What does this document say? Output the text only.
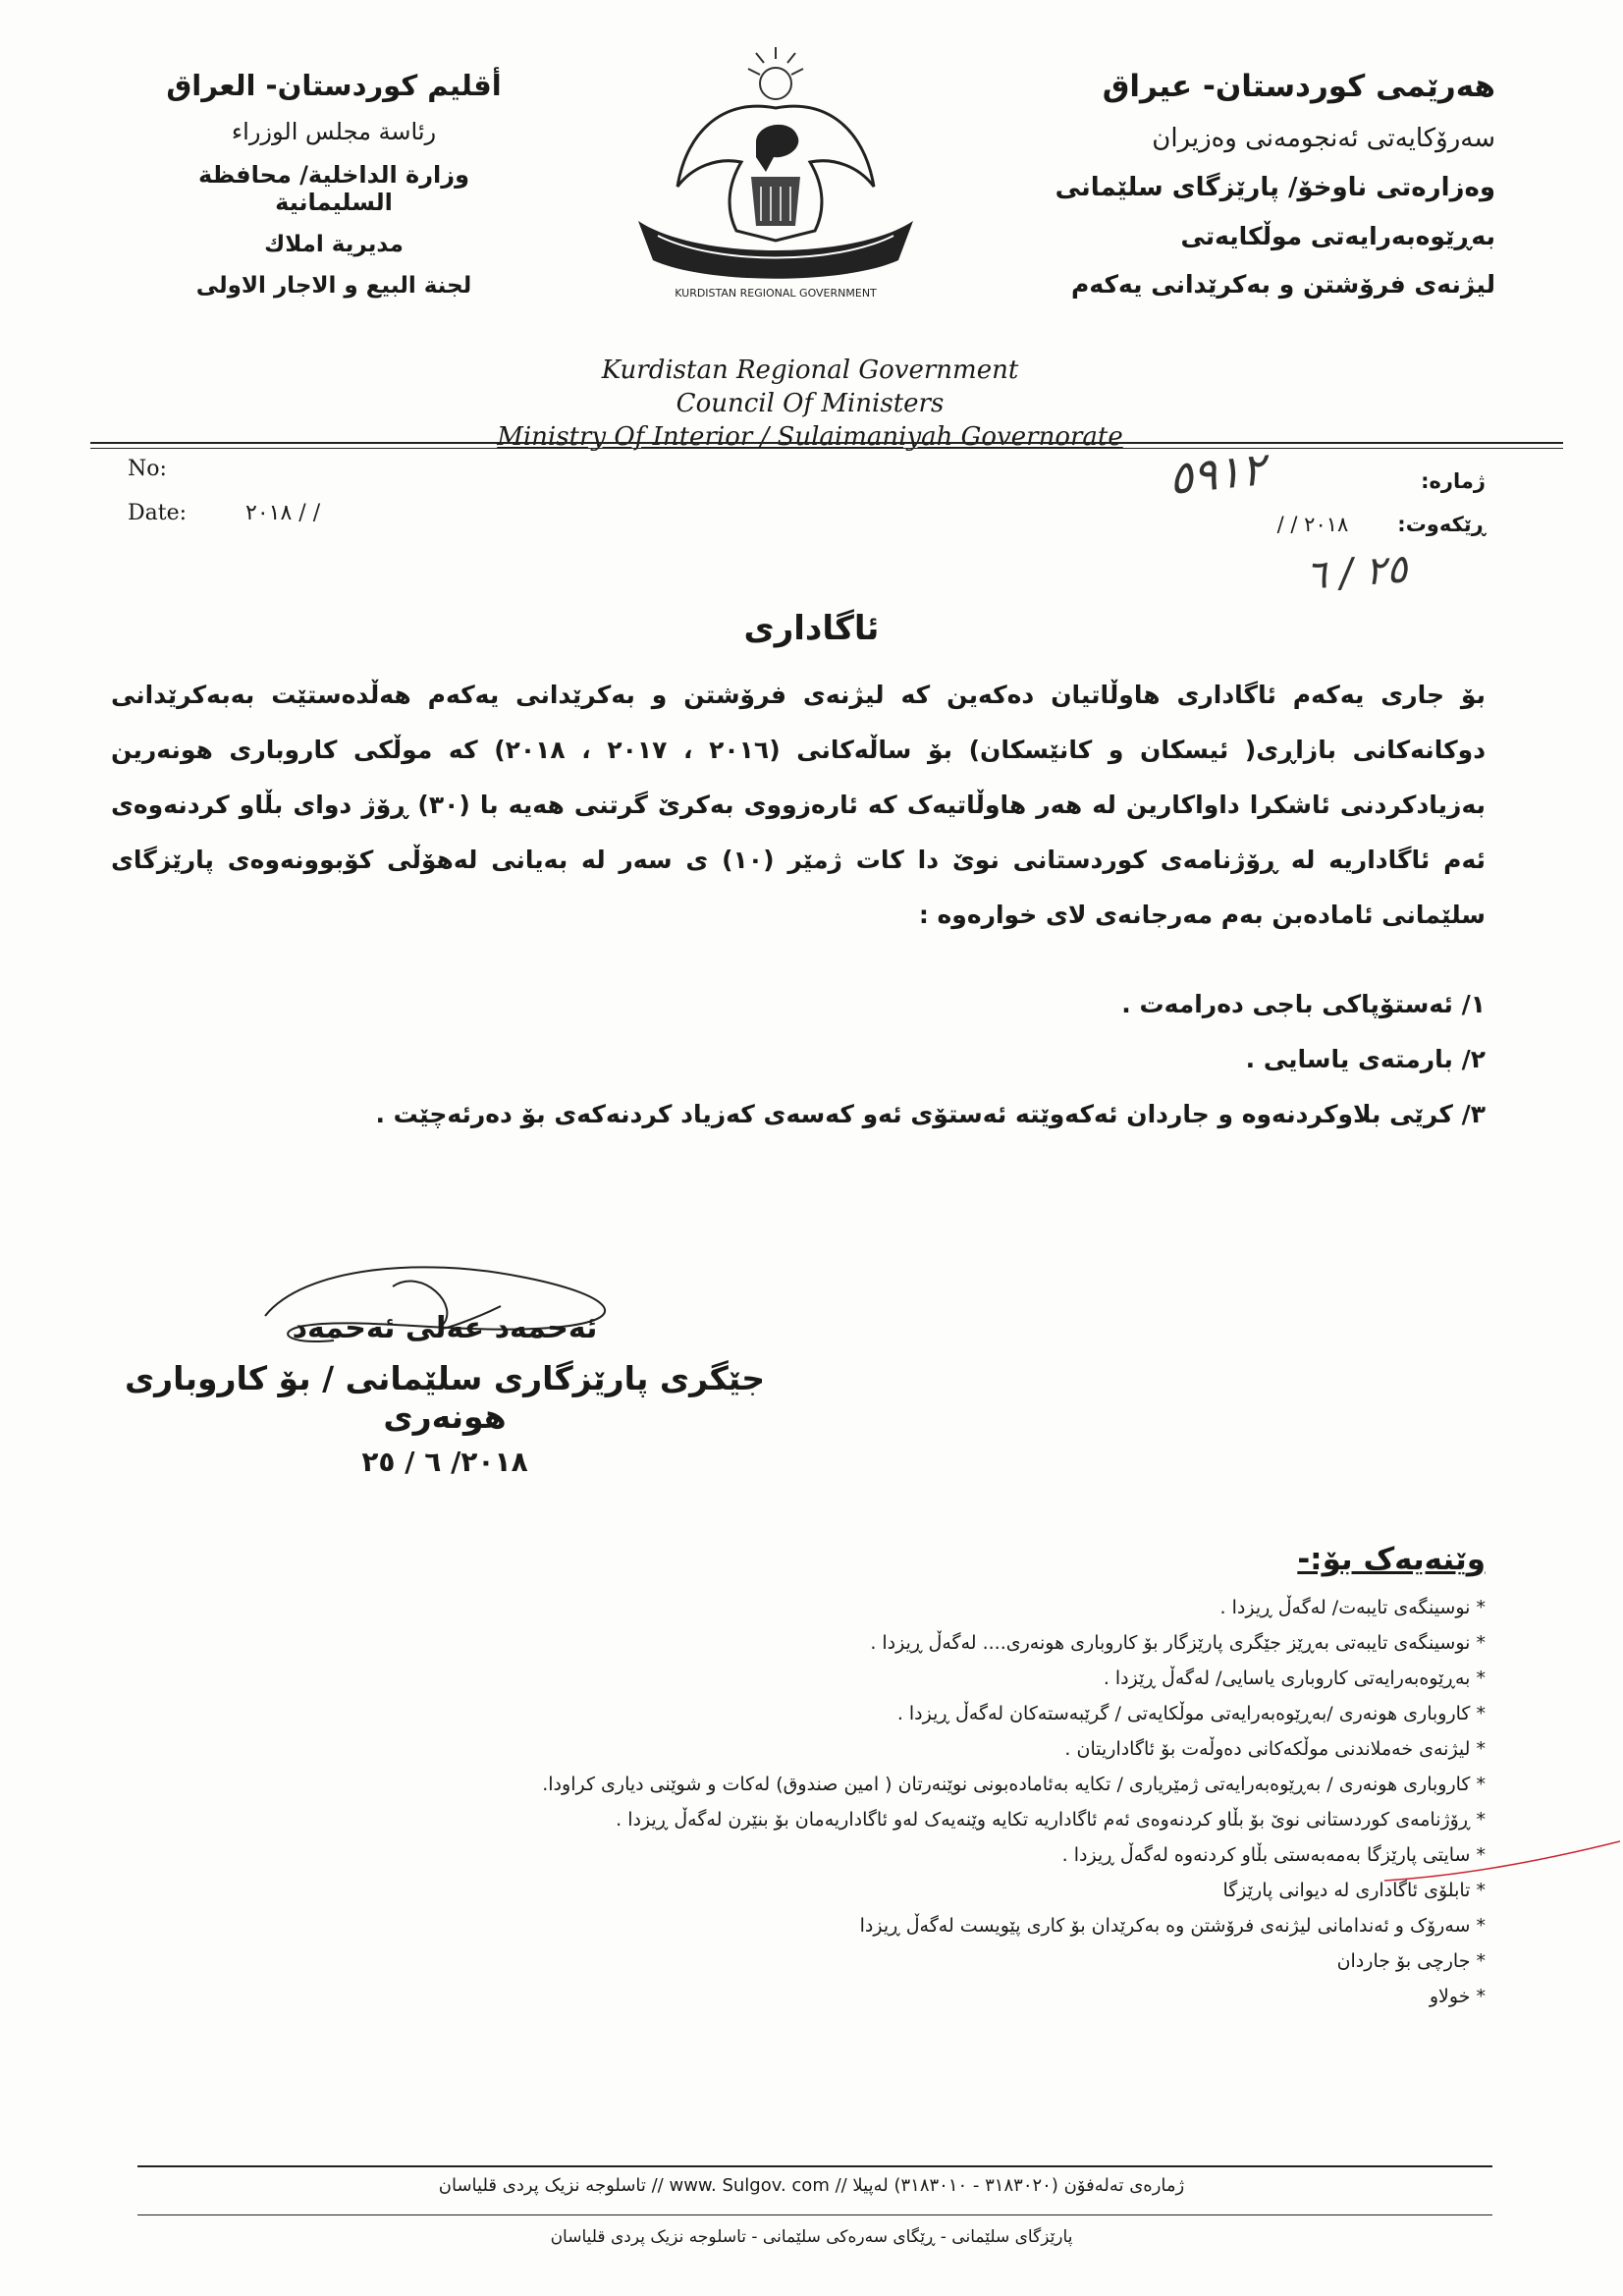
هەرێمی کوردستان- عیراق
سەرۆکایەتی ئەنجومەنی وەزیران
وەزارەتی ناوخۆ/ پارێزگای سلێمانی
بەڕێوەبەرایەتی موڵکایەتی
لیژنەی فرۆشتن و بەکرێدانی یەکەم
أقليم كوردستان- العراق
رئاسة مجلس الوزراء
وزارة الداخلية/ محافظة السليمانية
مديرية املاك
لجنة البيع و الاجار الاولى	KURDISTAN REGIONAL GOVERNMENT
Kurdistan Regional Government
Council Of Ministers
Ministry Of Interior / Sulaimaniyah Governorate
No:
Date:	/ / ٢٠١٨
ژمارە:
ڕێکەوت:
٢٠١٨ / /
٥٩١٢
٢٥ / ٦
ئاگاداری
بۆ جاری یەکەم ئاگاداری هاوڵاتیان دەکەین کە لیژنەی فرۆشتن و بەکرێدانی یەکەم هەڵدەستێت بەبەکرێدانی دوکانەکانی بازاڕی( ئیسکان و کانێسکان) بۆ ساڵەکانی (٢٠١٦ ، ٢٠١٧ ، ٢٠١٨) کە موڵکی کاروباری هونەرین بەزیادکردنی ئاشکرا داواکارین لە هەر هاوڵاتیەک کە ئارەزووی بەکرێ گرتنی هەیە با (٣٠) ڕۆژ دوای بڵاو کردنەوەی ئەم ئاگاداریە لە ڕۆژنامەی کوردستانی نوێ دا کات ژمێر (١٠) ی سەر لە بەیانی لەهۆڵی کۆبوونەوەی پارێزگای سلێمانی ئامادەبن بەم مەرجانەی لای خوارەوە :
١/ ئەستۆپاکی باجی دەرامەت .
٢/ بارمتەی یاسایی .
٣/ کرێی بلاوکردنەوە و جاردان ئەکەوێتە ئەستۆی ئەو کەسەی کەزیاد کردنەکەی بۆ دەرئەچێت .
ئەحمەد عەلی ئەحمەد
جێگری پارێزگاری سلێمانی / بۆ کاروباری هونەری
٢٠١٨/ ٦ / ٢٥
وێنەیەک بۆ:-
* نوسینگەی تایبەت/ لەگەڵ ڕیزدا .
* نوسینگەی تایبەتی بەڕێز جێگری پارێزگار بۆ کاروباری هونەری.... لەگەڵ ڕیزدا .
* بەڕێوەبەرایەتی کاروباری یاسایی/ لەگەڵ ڕێزدا .
* کاروباری هونەری /بەڕێوەبەرایەتی موڵکایەتی / گرێبەستەکان لەگەڵ ڕیزدا .
* لیژنەی خەملاندنی موڵکەکانی دەوڵەت بۆ ئاگاداریتان .
* کاروباری هونەری / بەڕێوەبەرایەتی ژمێریاری / تکایە بەئامادەبونی نوێنەرتان ( امین صندوق) لەکات و شوێنی دیاری کراودا.
* ڕۆژنامەی کوردستانی نوێ بۆ بڵاو کردنەوەی ئەم ئاگاداریە تکایە وێنەیەک لەو ئاگاداریەمان بۆ بنێرن لەگەڵ ڕیزدا .
* سایتی پارێزگا بەمەبەستی بڵاو کردنەوە لەگەڵ ڕیزدا .
* تابلۆی ئاگاداری لە دیوانی پارێزگا
* سەرۆک و ئەندامانی لیژنەی فرۆشتن وە بەکرێدان بۆ کاری پێویست لەگەڵ ڕیزدا
* جارچی بۆ جاردان
* خولاو
ژمارەی تەلەفۆن (٣١٨٣٠٢٠ - ٣١٨٣٠١٠) لەپیلا // www. Sulgov. com // تاسلوجە نزیک پردی قلیاسان
پارێزگای سلێمانی - ڕێگای سەرەکی سلێمانی - تاسلوجە نزیک پردی قلیاسان
